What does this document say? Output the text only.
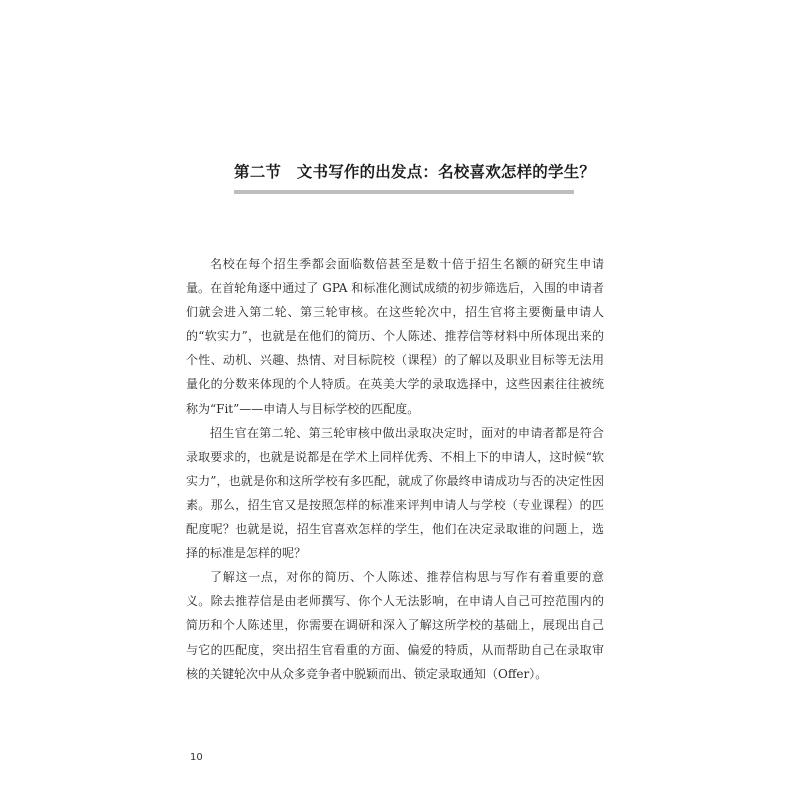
第二节　文书写作的出发点：名校喜欢怎样的学生？

名校在每个招生季都会面临数倍甚至是数十倍于招生名额的研究生申请量。在首轮角逐中通过了 GPA 和标准化测试成绩的初步筛选后，入围的申请者们就会进入第二轮、第三轮审核。在这些轮次中，招生官将主要衡量申请人的“软实力”，也就是在他们的简历、个人陈述、推荐信等材料中所体现出来的个性、动机、兴趣、热情、对目标院校（课程）的了解以及职业目标等无法用量化的分数来体现的个人特质。在英美大学的录取选择中，这些因素往往被统称为“Fit”——申请人与目标学校的匹配度。

招生官在第二轮、第三轮审核中做出录取决定时，面对的申请者都是符合录取要求的，也就是说都是在学术上同样优秀、不相上下的申请人，这时候“软实力”，也就是你和这所学校有多匹配，就成了你最终申请成功与否的决定性因素。那么，招生官又是按照怎样的标准来评判申请人与学校（专业课程）的匹配度呢？也就是说，招生官喜欢怎样的学生，他们在决定录取谁的问题上，选择的标准是怎样的呢？

了解这一点，对你的简历、个人陈述、推荐信构思与写作有着重要的意义。除去推荐信是由老师撰写、你个人无法影响，在申请人自己可控范围内的简历和个人陈述里，你需要在调研和深入了解这所学校的基础上，展现出自己与它的匹配度，突出招生官看重的方面、偏爱的特质，从而帮助自己在录取审核的关键轮次中从众多竞争者中脱颖而出、锁定录取通知（Offer）。

10
